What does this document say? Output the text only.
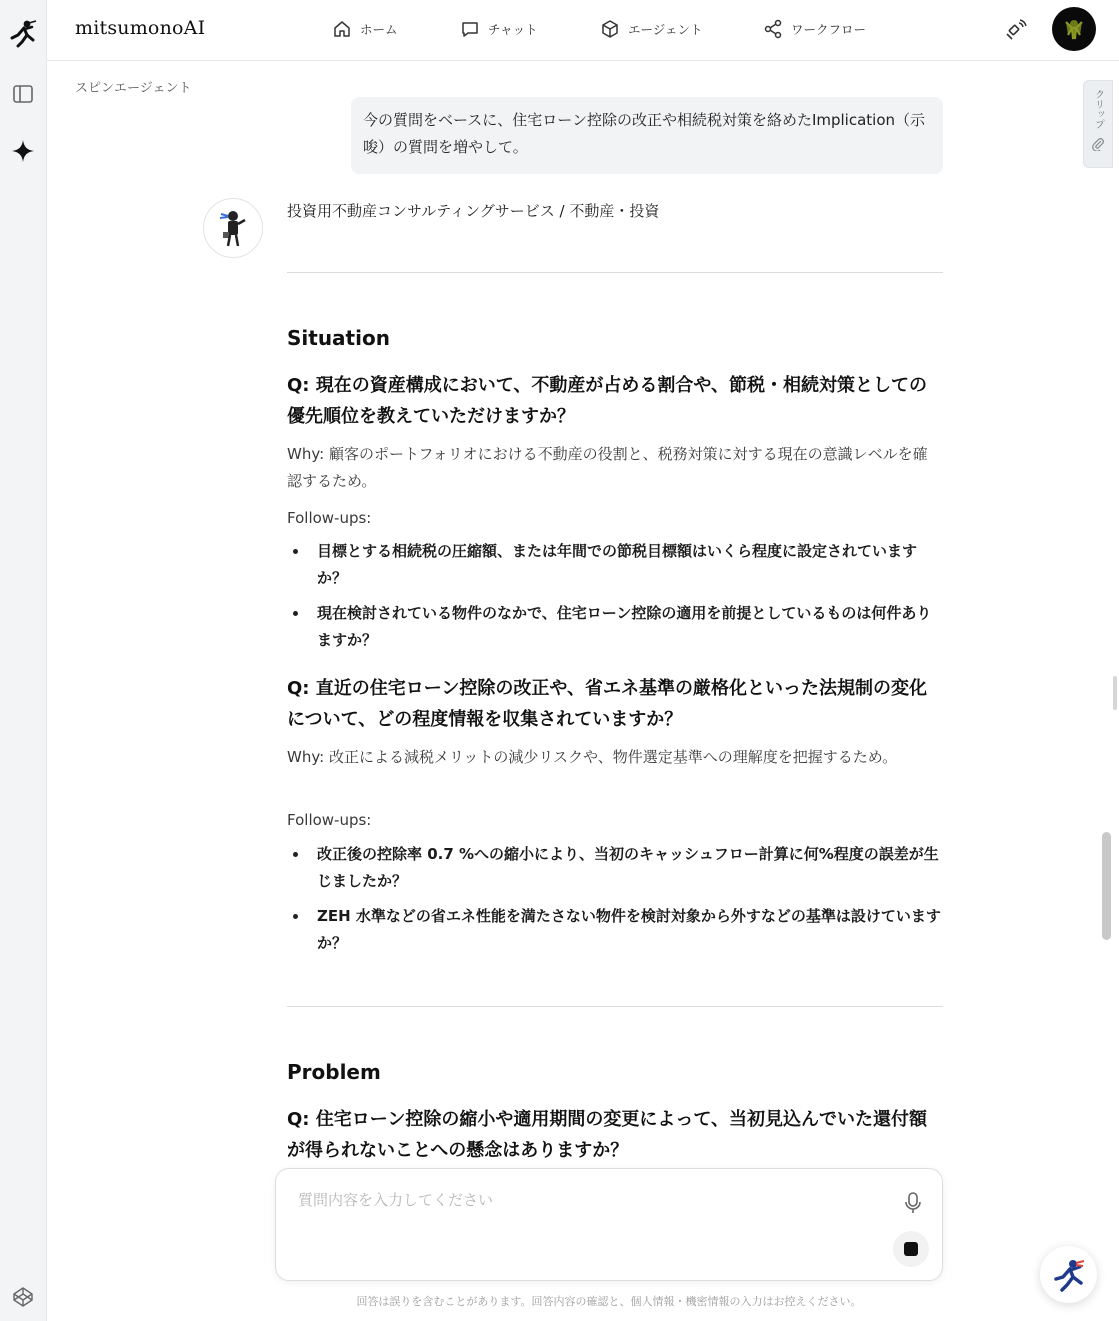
mitsumonoAI	ホーム	チャット	エージェント	ワークフロー
スピンエージェント
クリップ
今の質問をベースに、住宅ローン控除の改正や相続税対策を絡めたImplication（示唆）の質問を増やして。
投資用不動産コンサルティングサービス / 不動産・投資
Situation
Q: 現在の資産構成において、不動産が占める割合や、節税・相続対策としての優先順位を教えていただけますか？
Why: 顧客のポートフォリオにおける不動産の役割と、税務対策に対する現在の意識レベルを確認するため。
Follow-ups:
目標とする相続税の圧縮額、または年間での節税目標額はいくら程度に設定されていますか？
現在検討されている物件のなかで、住宅ローン控除の適用を前提としているものは何件ありますか？
Q: 直近の住宅ローン控除の改正や、省エネ基準の厳格化といった法規制の変化について、どの程度情報を収集されていますか？
Why: 改正による減税メリットの減少リスクや、物件選定基準への理解度を把握するため。
Follow-ups:
改正後の控除率 0.7 %への縮小により、当初のキャッシュフロー計算に何%程度の誤差が生じましたか？
ZEH 水準などの省エネ性能を満たさない物件を検討対象から外すなどの基準は設けていますか？
Problem
Q: 住宅ローン控除の縮小や適用期間の変更によって、当初見込んでいた還付額が得られないことへの懸念はありますか？
質問内容を入力してください
回答は誤りを含むことがあります。回答内容の確認と、個人情報・機密情報の入力はお控えください。
